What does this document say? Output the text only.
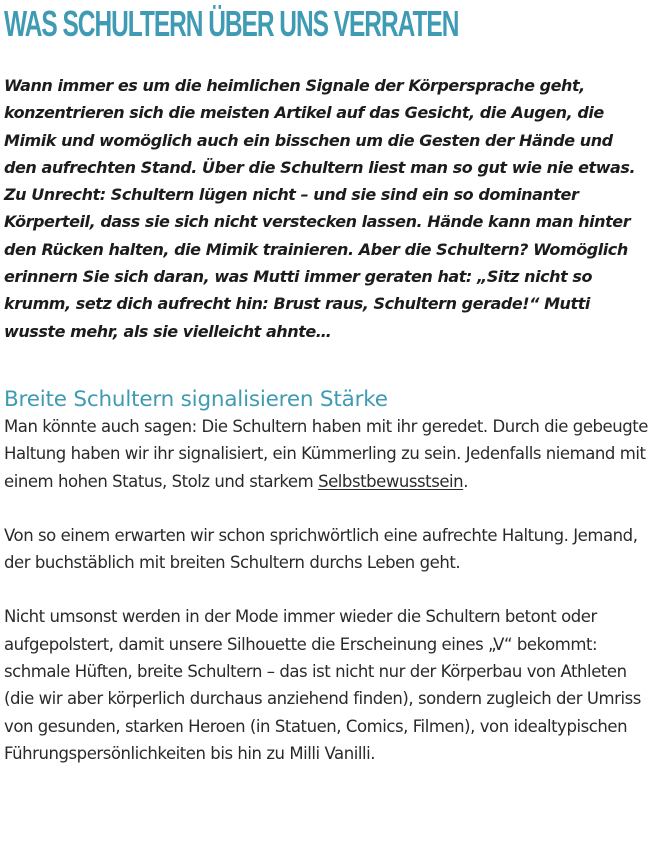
WAS SCHULTERN ÜBER UNS VERRATEN

Wann immer es um die heimlichen Signale der Körpersprache geht, konzentrieren sich die meisten Artikel auf das Gesicht, die Augen, die Mimik und womöglich auch ein bisschen um die Gesten der Hände und den aufrechten Stand. Über die Schultern liest man so gut wie nie etwas. Zu Unrecht: Schultern lügen nicht – und sie sind ein so dominanter Körperteil, dass sie sich nicht verstecken lassen. Hände kann man hinter den Rücken halten, die Mimik trainieren. Aber die Schultern? Womöglich erinnern Sie sich daran, was Mutti immer geraten hat: „Sitz nicht so krumm, setz dich aufrecht hin: Brust raus, Schultern gerade!“ Mutti wusste mehr, als sie vielleicht ahnte…

Breite Schultern signalisieren Stärke

Man könnte auch sagen: Die Schultern haben mit ihr geredet. Durch die gebeugte Haltung haben wir ihr signalisiert, ein Kümmerling zu sein. Jedenfalls niemand mit einem hohen Status, Stolz und starkem Selbstbewusstsein.

Von so einem erwarten wir schon sprichwörtlich eine aufrechte Haltung. Jemand, der buchstäblich mit breiten Schultern durchs Leben geht.

Nicht umsonst werden in der Mode immer wieder die Schultern betont oder aufgepolstert, damit unsere Silhouette die Erscheinung eines „V“ bekommt: schmale Hüften, breite Schultern – das ist nicht nur der Körperbau von Athleten (die wir aber körperlich durchaus anziehend finden), sondern zugleich der Umriss von gesunden, starken Heroen (in Statuen, Comics, Filmen), von idealtypischen Führungspersönlichkeiten bis hin zu Milli Vanilli.
